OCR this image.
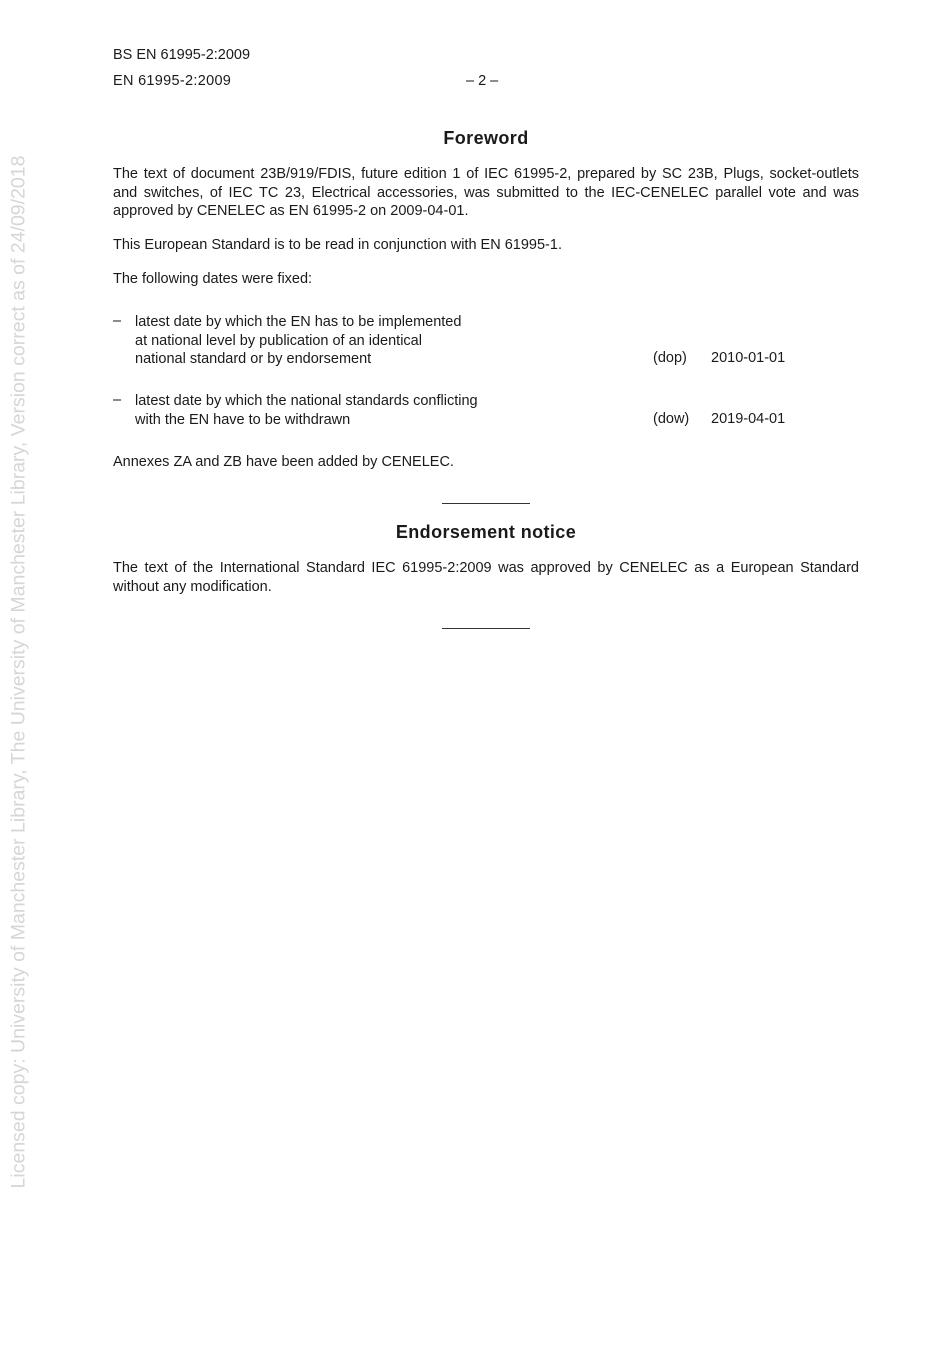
BS EN 61995-2:2009
EN 61995-2:2009	– 2 –
Foreword
The text of document 23B/919/FDIS, future edition 1 of IEC 61995-2, prepared by SC 23B, Plugs, socket-outlets and switches, of IEC TC 23, Electrical accessories, was submitted to the IEC-CENELEC parallel vote and was approved by CENELEC as EN 61995-2 on 2009-04-01.
This European Standard is to be read in conjunction with EN 61995-1.
The following dates were fixed:
– latest date by which the EN has to be implemented
at national level by publication of an identical
national standard or by endorsement	(dop) 2010-01-01
– latest date by which the national standards conflicting
with the EN have to be withdrawn	(dow) 2019-04-01
Annexes ZA and ZB have been added by CENELEC.
Endorsement notice
The text of the International Standard IEC 61995-2:2009 was approved by CENELEC as a European Standard without any modification.
Licensed copy: University of Manchester Library, The University of Manchester Library, Version correct as of 24/09/2018
